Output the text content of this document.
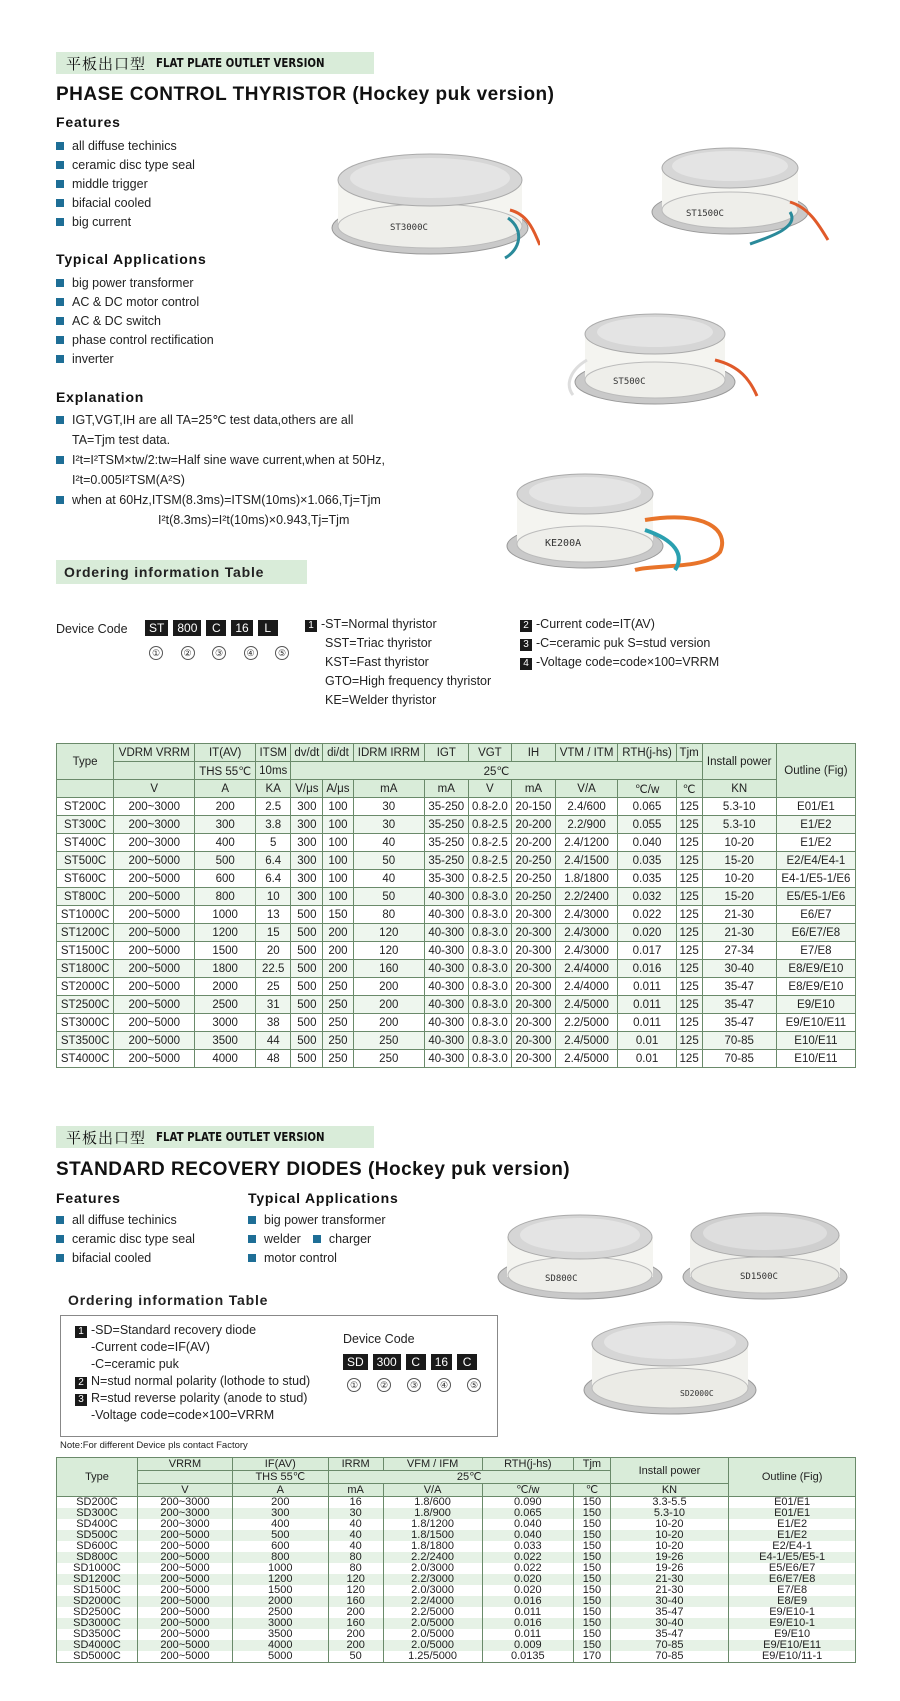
平板出口型 FLAT PLATE OUTLET VERSION
PHASE CONTROL THYRISTOR (Hockey puk version)
Features
all diffuse techinics
ceramic disc type seal
middle trigger
bifacial cooled
big current
Typical Applications
big power transformer
AC & DC motor control
AC & DC switch
phase control rectification
inverter
Explanation
IGT,VGT,IH are all TA=25℃ test data,others are all
TA=Tjm test data.
I²t=I²TSM×tw/2:tw=Half sine wave current,when at 50Hz,
I²t=0.005I²TSM(A²S)
when at 60Hz,ITSM(8.3ms)=ITSM(10ms)×1.066,Tj=Tjm
I²t(8.3ms)=I²t(10ms)×0.943,Tj=Tjm
ST3000C
ST1500C
ST500C
KE200A
Ordering information Table
Device Code	ST	800	C	16	L
①	②	③	④	⑤
1 -ST=Normal thyristor
SST=Triac thyristor
KST=Fast thyristor
GTO=High frequency thyristor
KE=Welder thyristor
2 -Current code=IT(AV)
3 -C=ceramic puk S=stud version
4 -Voltage code=code×100=VRRM
Type	VDRM VRRM	IT(AV)	ITSM	dv/dt	di/dt	IDRM IRRM	IGT	VGT	IH	VTM / ITM	RTH(j-hs)	Tjm	Install power	Outline (Fig)
		THS 55℃	10ms	25℃										
	V	A	KA	V/μs	A/μs	mA	mA	V	mA	V/A	℃/w	℃	KN	
ST200C	200~3000	200	2.5	300	100	30	35-250	0.8-2.0	20-150	2.4/600	0.065	125	5.3-10	E01/E1
ST300C	200~3000	300	3.8	300	100	30	35-250	0.8-2.5	20-200	2.2/900	0.055	125	5.3-10	E1/E2
ST400C	200~3000	400	5	300	100	40	35-250	0.8-2.5	20-200	2.4/1200	0.040	125	10-20	E1/E2
ST500C	200~5000	500	6.4	300	100	50	35-250	0.8-2.5	20-250	2.4/1500	0.035	125	15-20	E2/E4/E4-1
ST600C	200~5000	600	6.4	300	100	40	35-300	0.8-2.5	20-250	1.8/1800	0.035	125	10-20	E4-1/E5-1/E6
ST800C	200~5000	800	10	300	100	50	40-300	0.8-3.0	20-250	2.2/2400	0.032	125	15-20	E5/E5-1/E6
ST1000C	200~5000	1000	13	500	150	80	40-300	0.8-3.0	20-300	2.4/3000	0.022	125	21-30	E6/E7
ST1200C	200~5000	1200	15	500	200	120	40-300	0.8-3.0	20-300	2.4/3000	0.020	125	21-30	E6/E7/E8
ST1500C	200~5000	1500	20	500	200	120	40-300	0.8-3.0	20-300	2.4/3000	0.017	125	27-34	E7/E8
ST1800C	200~5000	1800	22.5	500	200	160	40-300	0.8-3.0	20-300	2.4/4000	0.016	125	30-40	E8/E9/E10
ST2000C	200~5000	2000	25	500	250	200	40-300	0.8-3.0	20-300	2.4/4000	0.011	125	35-47	E8/E9/E10
ST2500C	200~5000	2500	31	500	250	200	40-300	0.8-3.0	20-300	2.4/5000	0.011	125	35-47	E9/E10
ST3000C	200~5000	3000	38	500	250	200	40-300	0.8-3.0	20-300	2.2/5000	0.011	125	35-47	E9/E10/E11
ST3500C	200~5000	3500	44	500	250	250	40-300	0.8-3.0	20-300	2.4/5000	0.01	125	70-85	E10/E11
ST4000C	200~5000	4000	48	500	250	250	40-300	0.8-3.0	20-300	2.4/5000	0.01	125	70-85	E10/E11
平板出口型 FLAT PLATE OUTLET VERSION
STANDARD RECOVERY DIODES (Hockey puk version)
Features
all diffuse techinics
ceramic disc type seal
bifacial cooled
Typical Applications
big power transformer
welder charger
motor control
SD800C	SD1500C
SD2000C
Ordering information Table
1 -SD=Standard recovery diode
-Current code=IF(AV)
-C=ceramic puk
2 N=stud normal polarity (lothode to stud)
3 R=stud reverse polarity (anode to stud)
-Voltage code=code×100=VRRM
Device Code
SD	300	C	16	C
①	②	③	④	⑤
Note:For different Device pls contact Factory
Type	VRRM	IF(AV)	IRRM	VFM / IFM	RTH(j-hs)	Tjm	Install power	Outline (Fig)
		THS 55℃	25℃					
	V	A	mA	V/A	℃/w	℃	KN	
SD200C	200~3000	200	16	1.8/600	0.090	150	3.3-5.5	E01/E1
SD300C	200~3000	300	30	1.8/900	0.065	150	5.3-10	E01/E1
SD400C	200~3000	400	40	1.8/1200	0.040	150	10-20	E1/E2
SD500C	200~5000	500	40	1.8/1500	0.040	150	10-20	E1/E2
SD600C	200~5000	600	40	1.8/1800	0.033	150	10-20	E2/E4-1
SD800C	200~5000	800	80	2.2/2400	0.022	150	19-26	E4-1/E5/E5-1
SD1000C	200~5000	1000	80	2.0/3000	0.022	150	19-26	E5/E6/E7
SD1200C	200~5000	1200	120	2.2/3000	0.020	150	21-30	E6/E7/E8
SD1500C	200~5000	1500	120	2.0/3000	0.020	150	21-30	E7/E8
SD2000C	200~5000	2000	160	2.2/4000	0.016	150	30-40	E8/E9
SD2500C	200~5000	2500	200	2.2/5000	0.011	150	35-47	E9/E10-1
SD3000C	200~5000	3000	160	2.0/5000	0.016	150	30-40	E9/E10-1
SD3500C	200~5000	3500	200	2.0/5000	0.011	150	35-47	E9/E10
SD4000C	200~5000	4000	200	2.0/5000	0.009	150	70-85	E9/E10/E11
SD5000C	200~5000	5000	50	1.25/5000	0.0135	170	70-85	E9/E10/11-1
